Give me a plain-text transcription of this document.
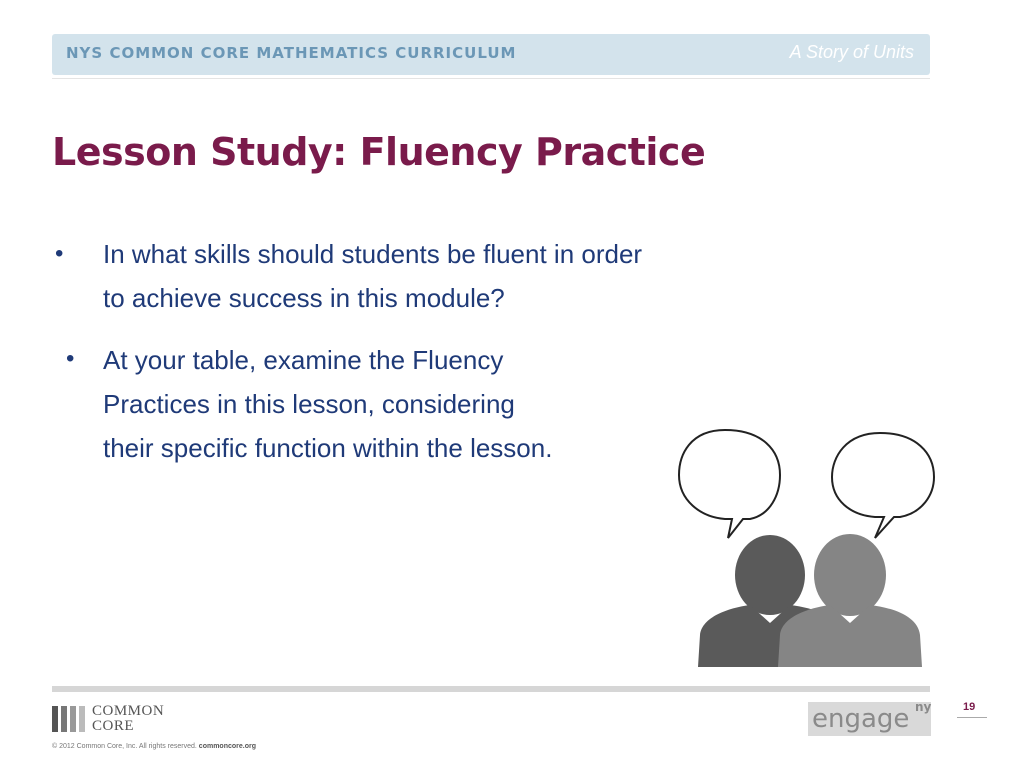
NYS COMMON CORE MATHEMATICS CURRICULUM	A Story of Units
Lesson Study: Fluency Practice
• In what skills should students be fluent in order
to achieve success in this module?
• At your table, examine the Fluency
Practices in this lesson, considering
their specific function within the lesson.
COMMON
CORE
© 2012 Common Core, Inc. All rights reserved. commoncore.org
engage ny	19
